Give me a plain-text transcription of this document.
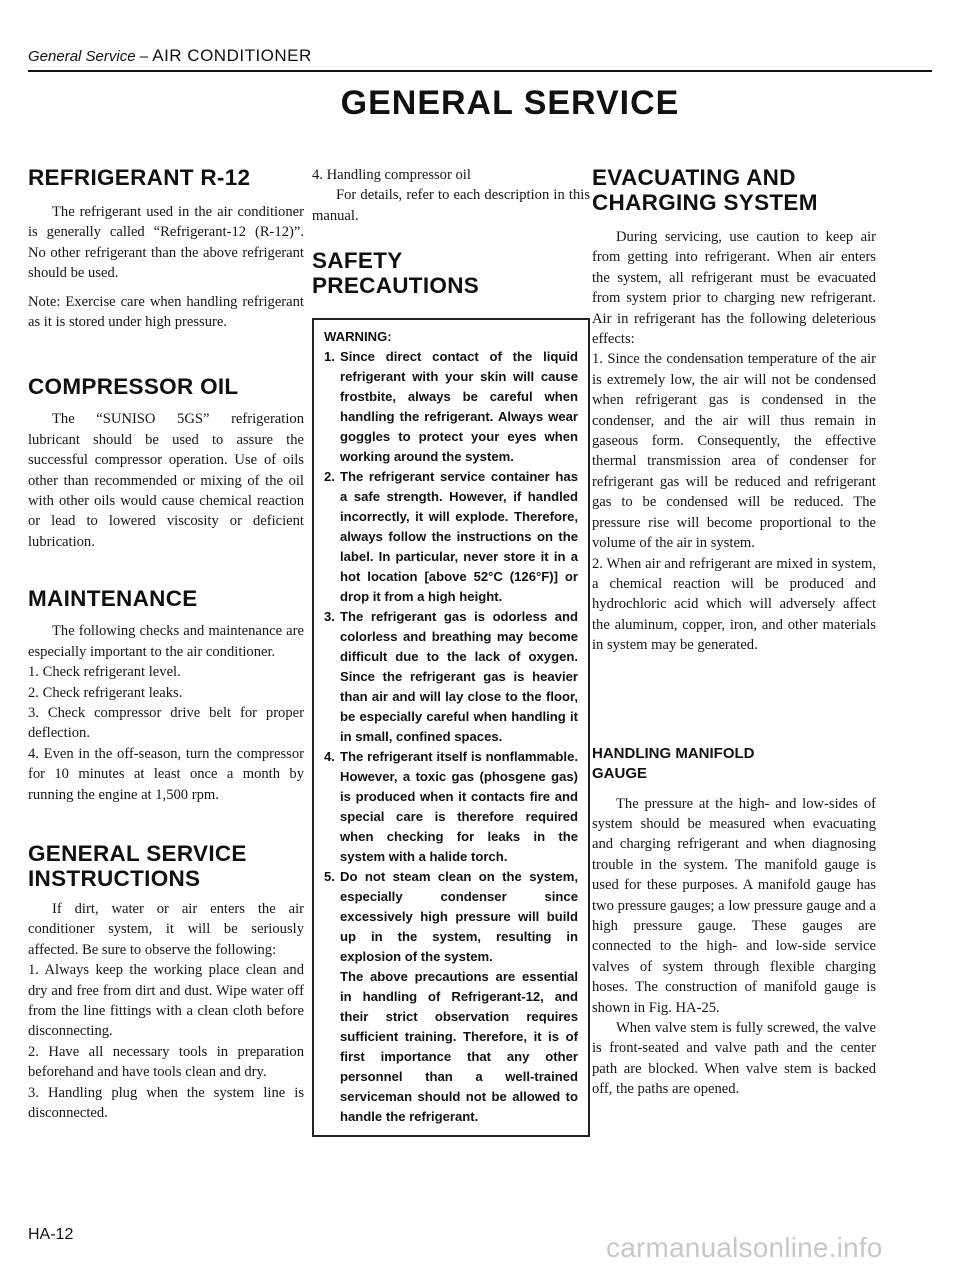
General Service – AIR CONDITIONER
GENERAL SERVICE
REFRIGERANT R-12

The refrigerant used in the air conditioner is generally called “Refrigerant-12 (R-12)”. No other refrigerant than the above refrigerant should be used.

Note: Exercise care when handling refrigerant as it is stored under high pressure.
COMPRESSOR OIL

The “SUNISO 5GS” refrigeration lubricant should be used to assure the successful compressor operation. Use of oils other than recommended or mixing of the oil with other oils would cause chemical reaction or lead to lowered viscosity or deficient lubrication.

MAINTENANCE

The following checks and maintenance are especially important to the air conditioner.

1. Check refrigerant level.
2. Check refrigerant leaks.
3. Check compressor drive belt for proper deflection.
4. Even in the off-season, turn the compressor for 10 minutes at least once a month by running the engine at 1,500 rpm.
GENERAL SERVICE
INSTRUCTIONS

If dirt, water or air enters the air conditioner system, it will be seriously affected. Be sure to observe the following:

1. Always keep the working place clean and dry and free from dirt and dust. Wipe water off from the line fittings with a clean cloth before disconnecting.
2. Have all necessary tools in preparation beforehand and have tools clean and dry.
3. Handling plug when the system line is disconnected.
4. Handling compressor oil

For details, refer to each description in this manual.

SAFETY
PRECAUTIONS
WARNING:
1. Since direct contact of the liquid refrigerant with your skin will cause frostbite, always be careful when handling the refrigerant. Always wear goggles to protect your eyes when working around the system.
2. The refrigerant service container has a safe strength. However, if handled incorrectly, it will explode. Therefore, always follow the instructions on the label. In particular, never store it in a hot location [above 52°C (126°F)] or drop it from a high height.
3. The refrigerant gas is odorless and colorless and breathing may become difficult due to the lack of oxygen. Since the refrigerant gas is heavier than air and will lay close to the floor, be especially careful when handling it in small, confined spaces.
4. The refrigerant itself is nonflammable. However, a toxic gas (phosgene gas) is produced when it contacts fire and special care is therefore required when checking for leaks in the system with a halide torch.
5. Do not steam clean on the system, especially condenser since excessively high pressure will build up in the system, resulting in explosion of the system.
The above precautions are essential in handling of Refrigerant-12, and their strict observation requires sufficient training. Therefore, it is of first importance that any other personnel than a well-trained serviceman should not be allowed to handle the refrigerant.
EVACUATING AND
CHARGING SYSTEM

During servicing, use caution to keep air from getting into refrigerant. When air enters the system, all refrigerant must be evacuated from system prior to charging new refrigerant. Air in refrigerant has the following deleterious effects:

1. Since the condensation temperature of the air is extremely low, the air will not be condensed when refrigerant gas is condensed in the condenser, and the air will thus remain in gaseous form. Consequently, the effective thermal transmission area of condenser for refrigerant gas will be reduced and refrigerant gas to be condensed will be reduced. The pressure rise will become proportional to the volume of the air in system.
2. When air and refrigerant are mixed in system, a chemical reaction will be produced and hydrochloric acid which will adversely affect the aluminum, copper, iron, and other materials in system may be generated.
HANDLING MANIFOLD
GAUGE

The pressure at the high- and low-sides of system should be measured when evacuating and charging refrigerant and when diagnosing trouble in the system. The manifold gauge is used for these purposes. A manifold gauge has two pressure gauges; a low pressure gauge and a high pressure gauge. These gauges are connected to the high- and low-side service valves of system through flexible charging hoses. The construction of manifold gauge is shown in Fig. HA-25.

When valve stem is fully screwed, the valve is front-seated and valve path and the center path are blocked. When valve stem is backed off, the paths are opened.

HA-12	carmanualsonline.info
